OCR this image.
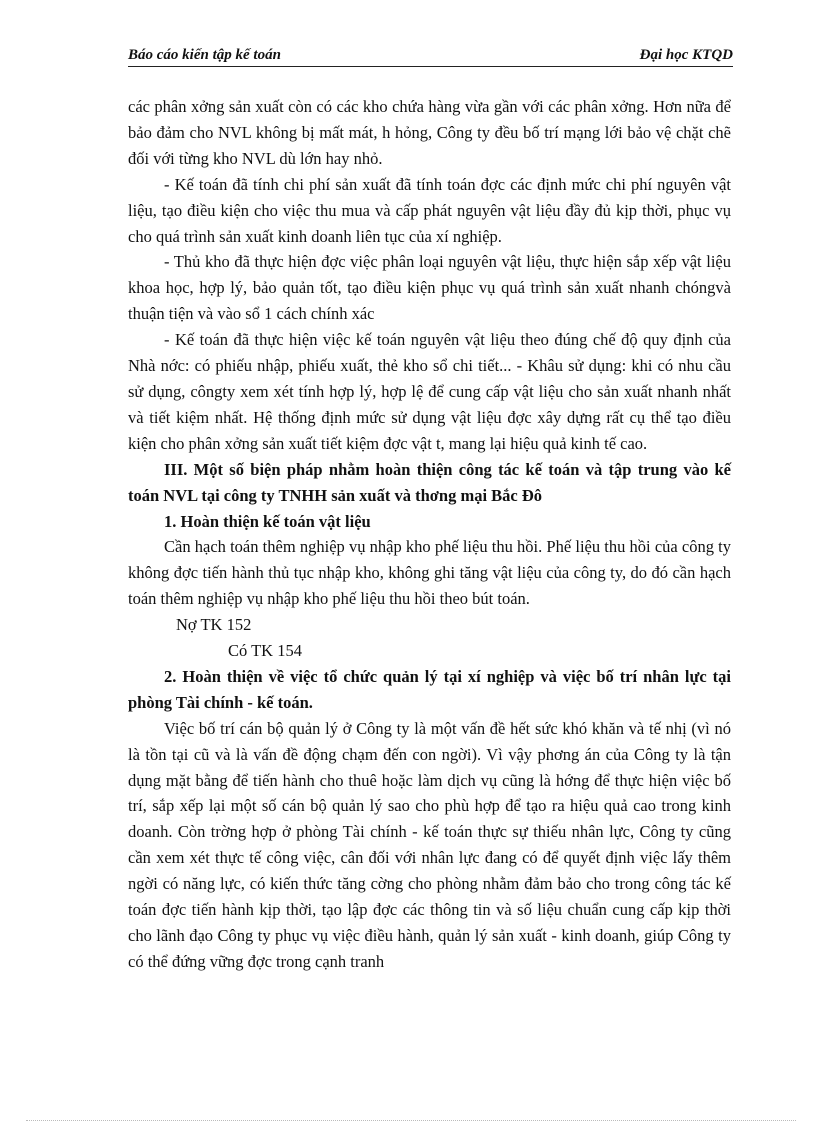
Báo cáo kiến tập kế toán	Đại học KTQD

các phân xởng sản xuất còn có các kho chứa hàng vừa gần với các phân xởng. Hơn nữa để bảo đảm cho NVL không bị mất mát, h hỏng, Công ty đều bố trí mạng lới bảo vệ chặt chẽ đối với từng kho NVL dù lớn hay nhỏ.

- Kế toán đã tính chi phí sản xuất đã tính toán đợc các định mức chi phí nguyên vật liệu, tạo điều kiện cho việc thu mua và cấp phát nguyên vật liệu đầy đủ kịp thời, phục vụ cho quá trình sản xuất kinh doanh liên tục của xí nghiệp.

- Thủ kho đã thực hiện đợc việc phân loại nguyên vật liệu, thực hiện sắp xếp vật liệu khoa học, hợp lý, bảo quản tốt, tạo điều kiện phục vụ quá trình sản xuất nhanh chóngvà thuận tiện và vào sổ 1 cách chính xác

- Kế toán đã thực hiện việc kế toán nguyên vật liệu theo đúng chế độ quy định của Nhà nớc: có phiếu nhập, phiếu xuất, thẻ kho sổ chi tiết... - Khâu sử dụng: khi có nhu cầu sử dụng, côngty xem xét tính hợp lý, hợp lệ để cung cấp vật liệu cho sản xuất nhanh nhất và tiết kiệm nhất. Hệ thống định mức sử dụng vật liệu đợc xây dựng rất cụ thể tạo điều kiện cho phân xởng sản xuất tiết kiệm đợc vật t, mang lại hiệu quả kinh tế cao.

III. Một số biện pháp nhằm hoàn thiện công tác kế toán và tập trung vào kế toán NVL tại công ty TNHH sản xuất và thơng mại Bắc Đô

1. Hoàn thiện kế toán vật liệu

Cần hạch toán thêm nghiệp vụ nhập kho phế liệu thu hồi. Phế liệu thu hồi của công ty không đợc tiến hành thủ tục nhập kho, không ghi tăng vật liệu của công ty, do đó cần hạch toán thêm nghiệp vụ nhập kho phế liệu thu hồi theo bút toán.

Nợ TK 152

Có TK 154

2. Hoàn thiện về việc tổ chức quản lý tại xí nghiệp và việc bố trí nhân lực tại phòng Tài chính - kế toán.

Việc bố trí cán bộ quản lý ở Công ty là một vấn đề hết sức khó khăn và tế nhị (vì nó là tồn tại cũ và là vấn đề động chạm đến con ngời). Vì vậy phơng án của Công ty là tận dụng mặt bằng để tiến hành cho thuê hoặc làm dịch vụ cũng là hớng để thực hiện việc bố trí, sắp xếp lại một số cán bộ quản lý sao cho phù hợp để tạo ra hiệu quả cao trong kinh doanh. Còn trờng hợp ở phòng Tài chính - kế toán thực sự thiếu nhân lực, Công ty cũng cần xem xét thực tế công việc, cân đối với nhân lực đang có để quyết định việc lấy thêm ngời có năng lực, có kiến thức tăng cờng cho phòng nhằm đảm bảo cho trong công tác kế toán đợc tiến hành kịp thời, tạo lập đợc các thông tin và số liệu chuẩn cung cấp kịp thời cho lãnh đạo Công ty phục vụ việc điều hành, quản lý sản xuất - kinh doanh, giúp Công ty có thể đứng vững đợc trong cạnh tranh
